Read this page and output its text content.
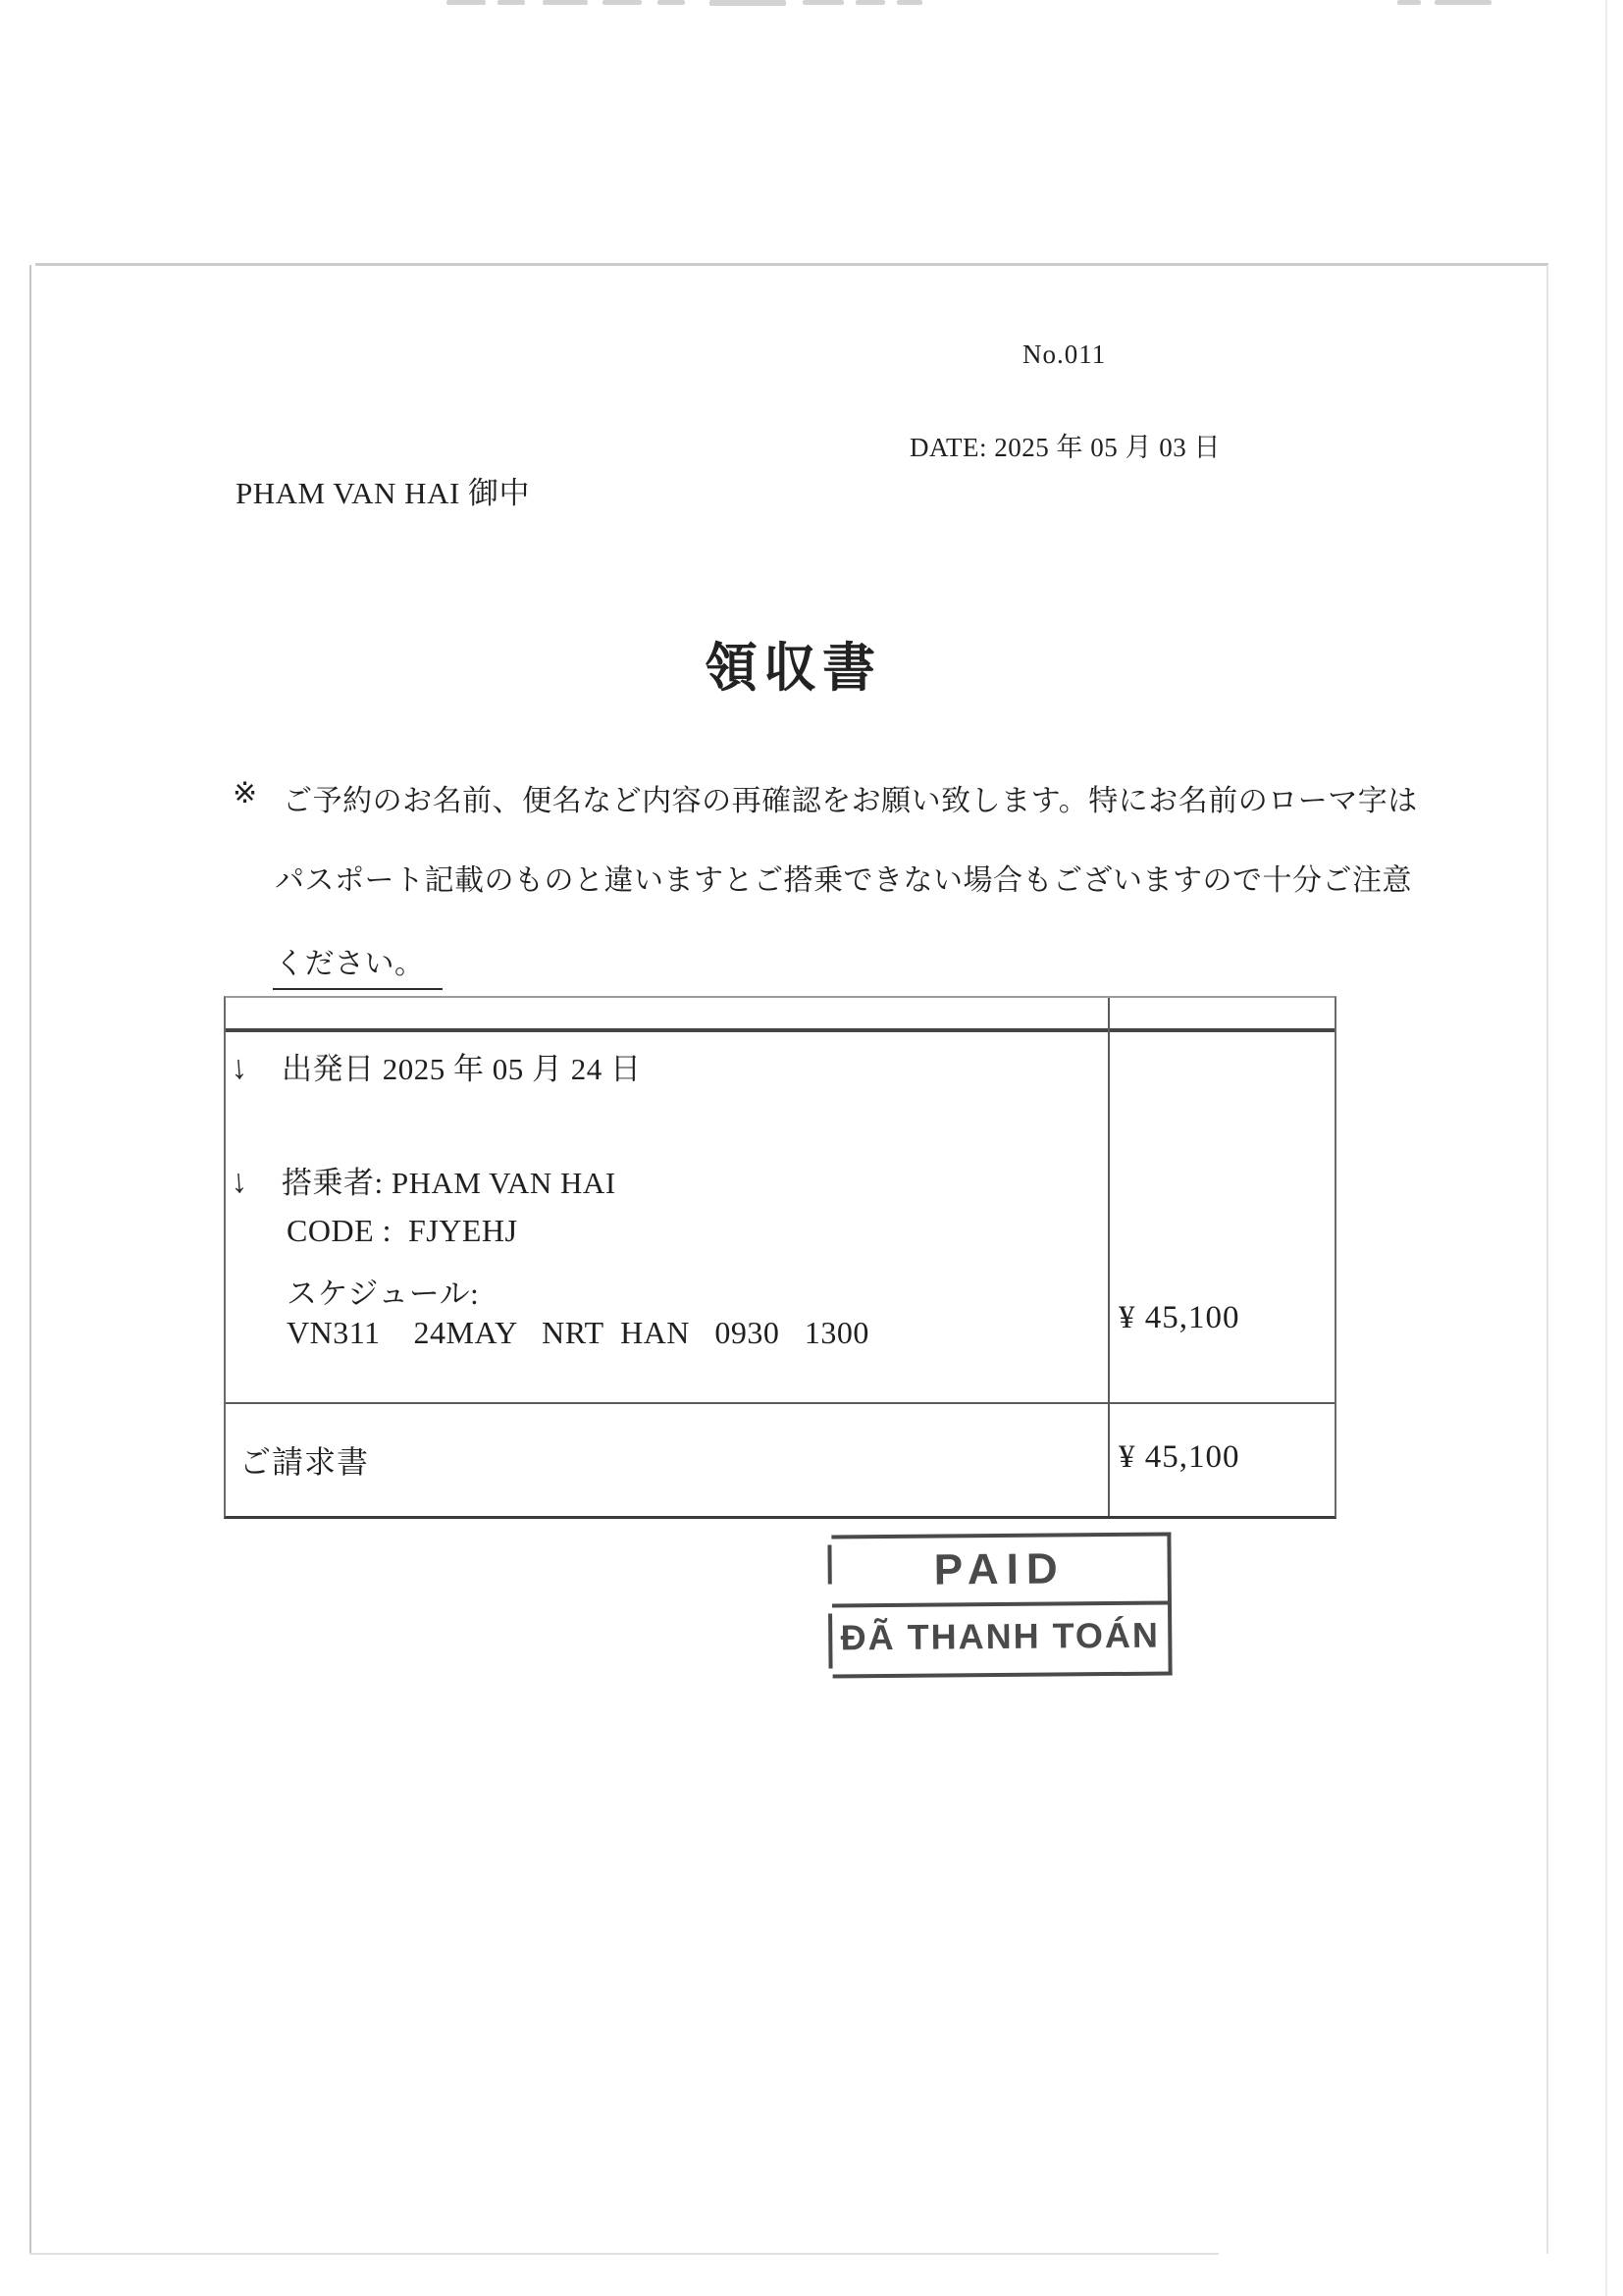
No.011
DATE: 2025 年 05 月 03 日
PHAM VAN HAI 御中
領収書
※ ご予約のお名前、便名など内容の再確認をお願い致します。特にお名前のローマ字は
パスポート記載のものと違いますとご搭乗できない場合もございますので十分ご注意
ください。
↓ 出発日 2025 年 05 月 24 日
↓ 搭乗者: PHAM VAN HAI
CODE :  FJYEHJ
スケジュール:
VN311    24MAY   NRT  HAN   0930   1300	¥ 45,100
ご請求書	¥ 45,100
PAID
ĐÃ THANH TOÁN
